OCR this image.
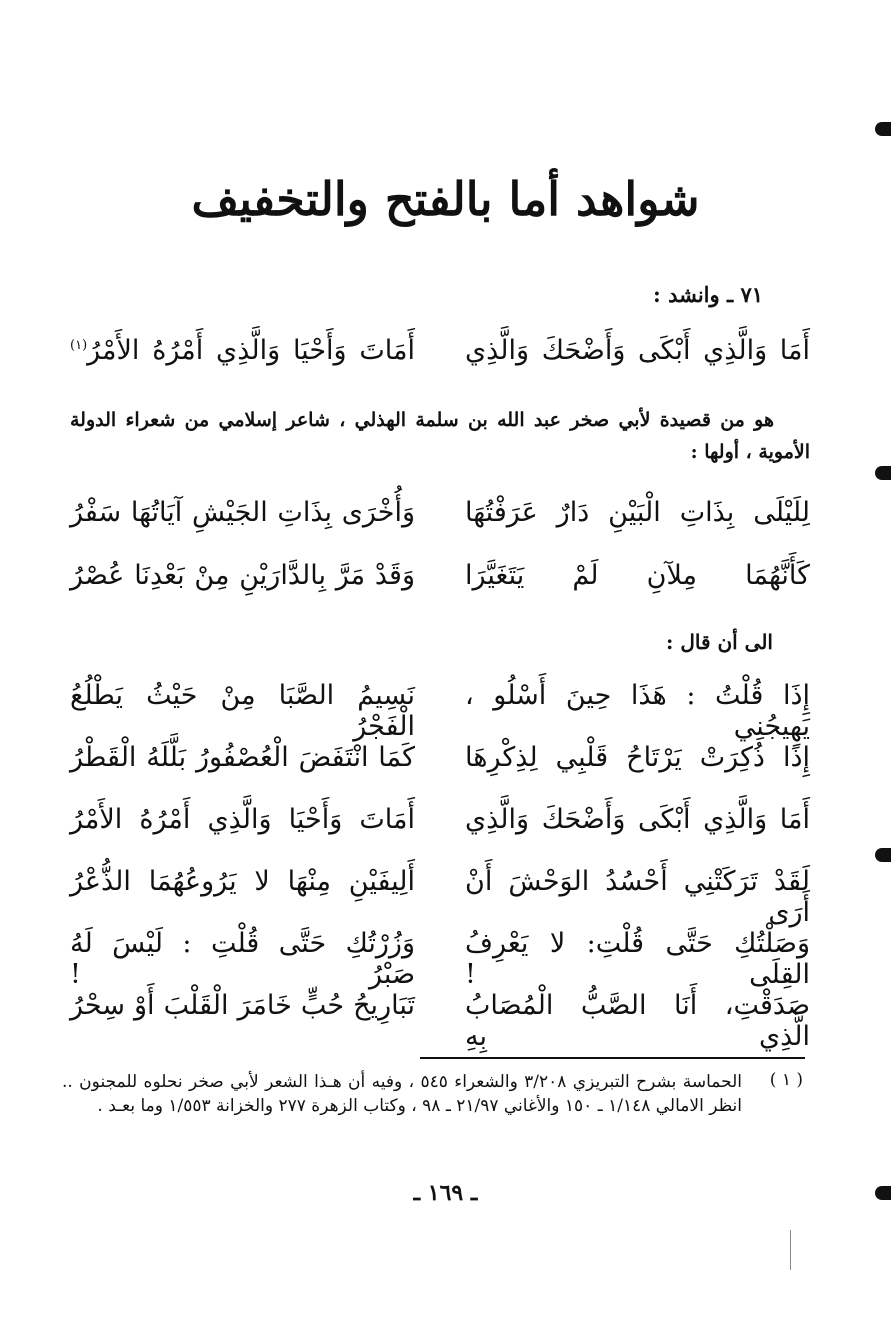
شواهد أما بالفتح والتخفيف
٧١ ـ وانشد :
أَمَا وَالَّذِي أَبْكَى وَأَضْحَكَ وَالَّذِي
أَمَاتَ وَأَحْيَا وَالَّذِي أَمْرُهُ الأَمْرُ$^{(١)}$
هو من قصيدة لأبي صخر عبد الله بن سلمة الهذلي ، شاعر إسلامي من شعراء الدولة الأموية ، أولها :
لِلَيْلَى بِذَاتِ الْبَيْنِ دَارٌ عَرَفْتُهَا
وَأُخْرَى بِذَاتِ الجَيْشِ آيَاتُهَا سَفْرُ
كَأَنَّهُمَا مِلآنِ لَمْ يَتَغَيَّرَا
وَقَدْ مَرَّ بِالدَّارَيْنِ مِنْ بَعْدِنَا عُصْرُ
الى أن قال :
إِذَا قُلْتُ : هَذَا حِينَ أَسْلُو ، يَهِيجُنِي
نَسِيمُ الصَّبَا مِنْ حَيْثُ يَطْلُعُ الْفَجْرُ
إِذَا ذُكِرَتْ يَرْتَاحُ قَلْبِي لِذِكْرِهَا
كَمَا انْتَفَضَ الْعُصْفُورُ بَلَّلَهُ الْقَطْرُ
أَمَا وَالَّذِي أَبْكَى وَأَضْحَكَ وَالَّذِي
أَمَاتَ وَأَحْيَا وَالَّذِي أَمْرُهُ الأَمْرُ
لَقَدْ تَرَكَتْنِي أَحْسُدُ الوَحْشَ أَنْ أَرَى
أَلِيفَيْنِ مِنْهَا لا يَرُوعُهُمَا الذُّعْرُ
وَصَلْتُكِ حَتَّى قُلْتِ: لا يَعْرِفُ القِلَى !
وَزُرْتُكِ حَتَّى قُلْتِ : لَيْسَ لَهُ صَبْرُ !
صَدَقْتِ، أَنَا الصَّبُّ الْمُصَابُ الَّذِي بِهِ
تَبَارِيحُ حُبٍّ خَامَرَ الْقَلْبَ أَوْ سِحْرُ
( ١ )
الحماسة بشرح التبريزي ٣/٢٠٨ والشعراء ٥٤٥ ، وفيه أن هـذا الشعر لأبي صخر نحلوه للمجنون .. انظر الامالي ١/١٤٨ ـ ١٥٠ والأغاني ٢١/٩٧ ـ ٩٨ ، وكتاب الزهرة ٢٧٧ والخزانة ١/٥٥٣ وما بعـد .
ـ ١٦٩ ـ
